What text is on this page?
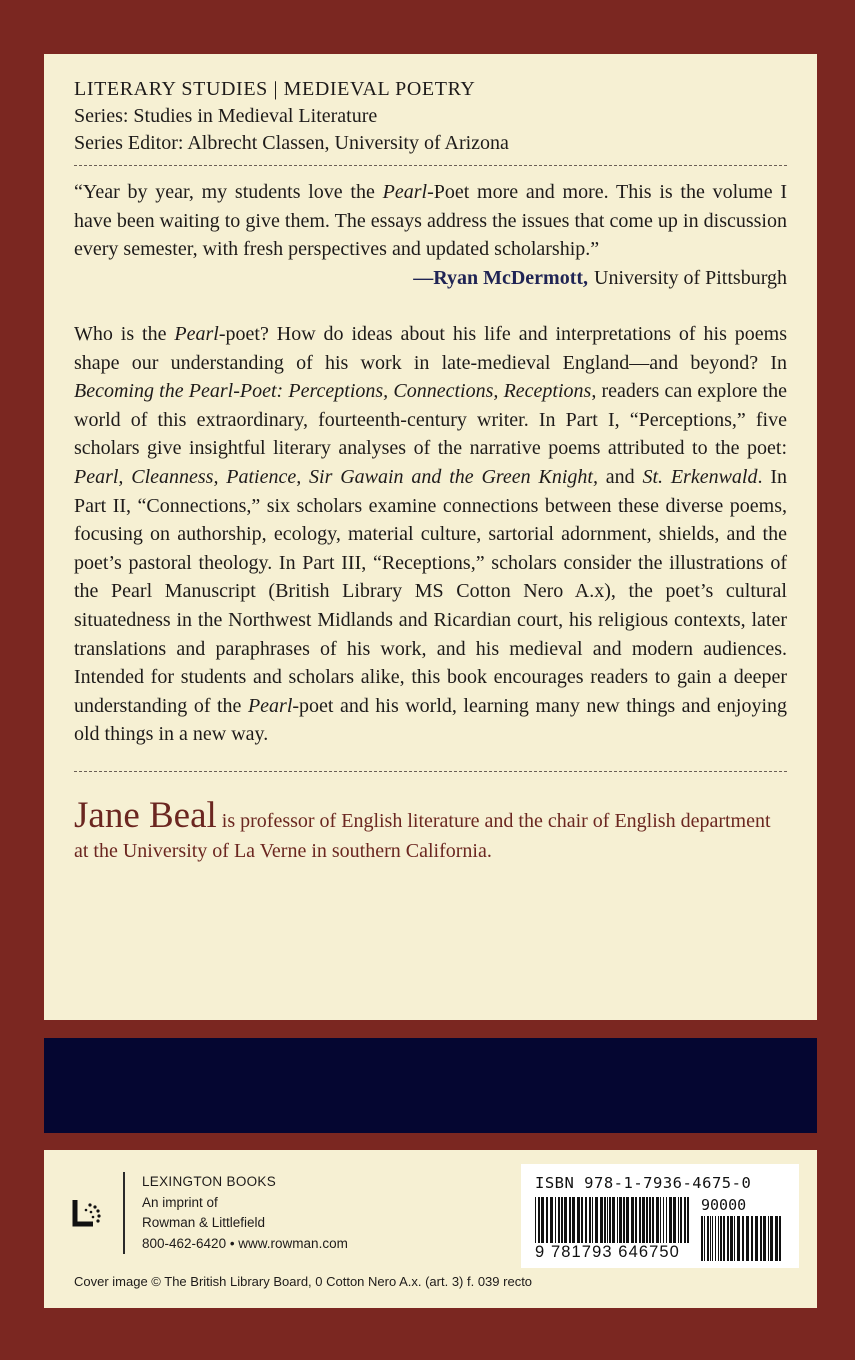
LITERARY STUDIES | MEDIEVAL POETRY

Series: Studies in Medieval Literature

Series Editor: Albrecht Classen, University of Arizona

“Year by year, my students love the Pearl-Poet more and more. This is the volume I have been waiting to give them. The essays address the issues that come up in discussion every semester, with fresh perspectives and updated scholarship.”
—Ryan McDermott, University of Pittsburgh
Who is the Pearl-poet? How do ideas about his life and interpretations of his poems shape our understanding of his work in late-medieval England—and beyond? In Becoming the Pearl-Poet: Perceptions, Connections, Receptions, readers can explore the world of this extraordinary, fourteenth-century writer. In Part I, “Perceptions,” five scholars give insightful literary analyses of the narrative poems attributed to the poet: Pearl, Cleanness, Patience, Sir Gawain and the Green Knight, and St. Erkenwald. In Part II, “Connections,” six scholars examine connections between these diverse poems, focusing on authorship, ecology, material culture, sartorial adornment, shields, and the poet’s pastoral theology. In Part III, “Receptions,” scholars consider the illustrations of the Pearl Manuscript (British Library MS Cotton Nero A.x), the poet’s cultural situatedness in the Northwest Midlands and Ricardian court, his religious contexts, later translations and paraphrases of his work, and his medieval and modern audiences. Intended for students and scholars alike, this book encourages readers to gain a deeper understanding of the Pearl-poet and his world, learning many new things and enjoying old things in a new way.
Jane Beal is professor of English literature and the chair of English department at the University of La Verne in southern California.
LEXINGTON BOOKS
An imprint of
Rowman & Littlefield
800-462-6420 • www.rowman.com
ISBN 978-1-7936-4675-0
9 781793 646750
90000
Cover image © The British Library Board, 0 Cotton Nero A.x. (art. 3) f. 039 recto
